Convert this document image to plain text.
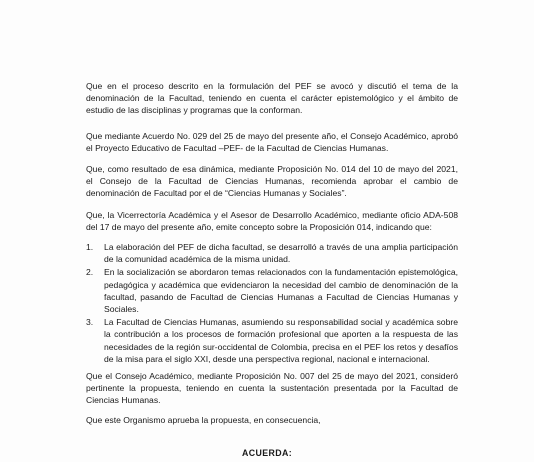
Que en el proceso descrito en la formulación del PEF se avocó y discutió el tema de la denominación de la Facultad, teniendo en cuenta el carácter epistemológico y el ámbito de estudio de las disciplinas y programas que la conforman.

Que mediante Acuerdo No. 029 del 25 de mayo del presente año, el Consejo Académico, aprobó el Proyecto Educativo de Facultad –PEF- de la Facultad de Ciencias Humanas.

Que, como resultado de esa dinámica, mediante Proposición No. 014 del 10 de mayo del 2021, el Consejo de la Facultad de Ciencias Humanas, recomienda aprobar el cambio de denominación de Facultad por el de “Ciencias Humanas y Sociales”.

Que, la Vicerrectoría Académica y el Asesor de Desarrollo Académico, mediante oficio ADA-508 del 17 de mayo del presente año, emite concepto sobre la Proposición 014, indicando que:

1. La elaboración del PEF de dicha facultad, se desarrolló a través de una amplia participación de la comunidad académica de la misma unidad.
2. En la socialización se abordaron temas relacionados con la fundamentación epistemológica, pedagógica y académica que evidenciaron la necesidad del cambio de denominación de la facultad, pasando de Facultad de Ciencias Humanas a Facultad de Ciencias Humanas y Sociales.
3. La Facultad de Ciencias Humanas, asumiendo su responsabilidad social y académica sobre la contribución a los procesos de formación profesional que aporten a la respuesta de las necesidades de la región sur-occidental de Colombia, precisa en el PEF los retos y desafíos de la misa para el siglo XXI, desde una perspectiva regional, nacional e internacional.

Que el Consejo Académico, mediante Proposición No. 007 del 25 de mayo del 2021, consideró pertinente la propuesta, teniendo en cuenta la sustentación presentada por la Facultad de Ciencias Humanas.

Que este Organismo aprueba la propuesta, en consecuencia,

ACUERDA:
